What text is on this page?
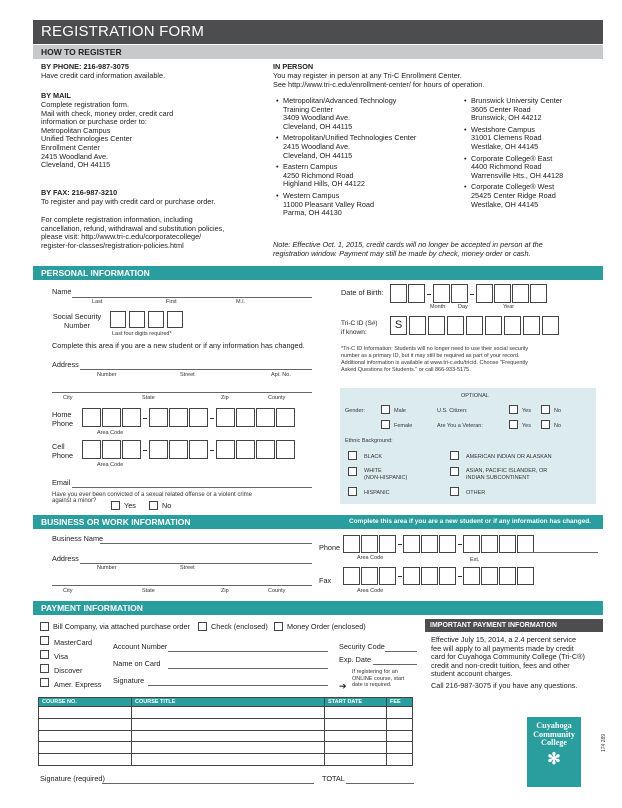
REGISTRATION FORM
HOW TO REGISTER
BY PHONE: 216-987-3075
Have credit card information available.
BY MAIL
Complete registration form.
Mail with check, money order, credit card
information or purchase order to:
Metropolitan Campus
Unified Technologies Center
Enrollment Center
2415 Woodland Ave.
Cleveland, OH 44115
BY FAX: 216-987-3210
To register and pay with credit card or purchase order.
For complete registration information, including
cancellation, refund, withdrawal and substitution policies,
please visit: http://www.tri-c.edu/corporatecollege/
register-for-classes/registration-policies.html
IN PERSON
You may register in person at any Tri-C Enrollment Center.
See http://www.tri-c.edu/enrollment-center/ for hours of operation.
• Metropolitan/Advanced Technology
Training Center
3409 Woodland Ave.
Cleveland, OH 44115
• Metropolitan/Unified Technologies Center
2415 Woodland Ave.
Cleveland, OH 44115
• Eastern Campus
4250 Richmond Road
Highland Hills, OH 44122
• Western Campus
11000 Pleasant Valley Road
Parma, OH 44130
• Brunswick University Center
3605 Center Road
Brunswick, OH 44212
• Westshore Campus
31001 Clemens Road
Westlake, OH 44145
• Corporate College® East
4400 Richmond Road
Warrensville Hts., OH 44128
• Corporate College® West
25425 Center Ridge Road
Westlake, OH 44145
Note: Effective Oct. 1, 2015, credit cards will no longer be accepted in person at the
registration window. Payment may still be made by check, money order or cash.
PERSONAL INFORMATION
Name
Last	First	M.I.
Social Security
Number
Last four digits required*
Complete this area if you are a new student or if any information has changed.
Address
Number	Street	Apt. No.
City	State	Zip	County
Home
Phone
Area Code
Cell
Phone
Area Code
Email
Have you ever been convicted of a sexual related offense or a violent crime
against a minor?	Yes	No
Date of Birth:
Month Day	Year
Tri-C ID (S#)
if known:
S
*Tri-C ID Information: Students will no longer need to use their social security
number as a primary ID, but it may still be required as part of your record.
Additional information is available at www.tri-c.edu/tricid. Choose "Frequently
Asked Questions for Students." or call 866-933-5175.
OPTIONAL
Gender:	Male
Female
U.S. Citizen:	Yes	No
Are You a Veteran:	Yes	No
Ethnic Background:
BLACK
WHITE
(NON-HISPANIC)
HISPANIC
AMERICAN INDIAN OR ALASKAN
ASIAN, PACIFIC ISLANDER, OR
INDIAN SUBCONTINENT
OTHER
BUSINESS OR WORK INFORMATION	Complete this area if you are a new student or if any information has changed.
Business Name
Address
Number	Street
City	State	Zip	County
Phone
Area Code	Ext.
Fax
Area Code
PAYMENT INFORMATION
Bill Company, via attached purchase order	Check (enclosed)	Money Order (enclosed)
MasterCard
Visa
Discover
Amer. Express
Account Number
Name on Card
Signature
Security Code
Exp. Date
If registering for an
ONLINE course, start
date is required.
➔
IMPORTANT PAYMENT INFORMATION
Effective July 15, 2014, a 2.4 percent service
fee will apply to all payments made by credit
card for Cuyahoga Community College (Tri-C®)
credit and non-credit tuition, fees and other
student account charges.
Call 216-987-3075 if you have any questions.
COURSE NO.	COURSE TITLE	START DATE	FEE

Signature (required)	TOTAL
Cuyahoga
Community
College
✻
174 289
